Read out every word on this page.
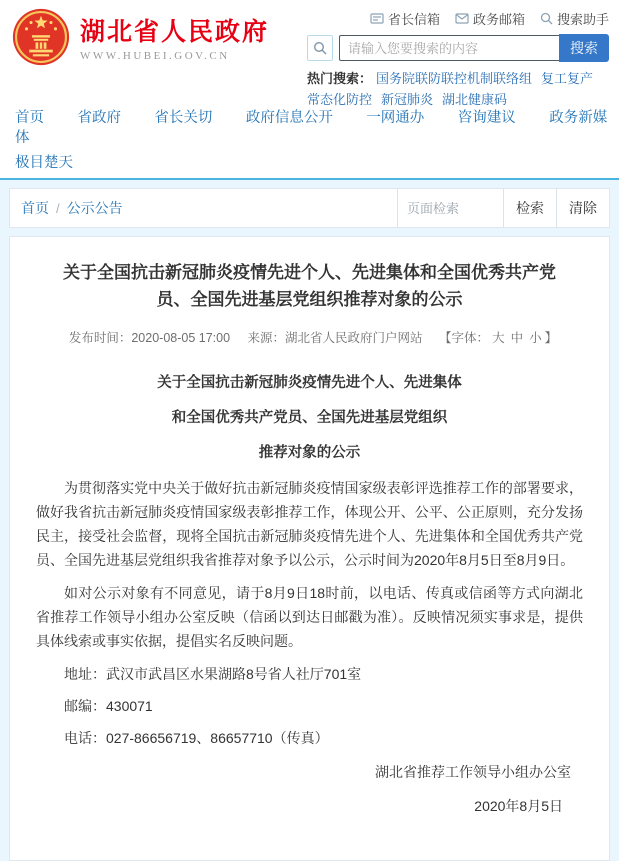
湖北省人民政府
WWW.HUBEI.GOV.CN
省长信箱	政务邮箱 搜索助手
请输入您要搜索的内容
搜索
热门搜索： 国务院联防联控机制联络组 复工复产常态化防控 新冠肺炎 湖北健康码
首页 省政府 省长关切 政府信息公开 一网通办 咨询建议 政务新媒体
极目楚天
首页 / 公示公告
页面检索	检索	清除
关于全国抗击新冠肺炎疫情先进个人、先进集体和全国优秀共产党员、全国先进基层党组织推荐对象的公示
发布时间：2020-08-05 17:00 来源：湖北省人民政府门户网站 【字体： 大 中 小 】

关于全国抗击新冠肺炎疫情先进个人、先进集体

和全国优秀共产党员、全国先进基层党组织

推荐对象的公示

为贯彻落实党中央关于做好抗击新冠肺炎疫情国家级表彰评选推荐工作的部署要求，做好我省抗击新冠肺炎疫情国家级表彰推荐工作，体现公开、公平、公正原则，充分发扬民主，接受社会监督，现将全国抗击新冠肺炎疫情先进个人、先进集体和全国优秀共产党员、全国先进基层党组织我省推荐对象予以公示，公示时间为2020年8月5日至8月9日。

如对公示对象有不同意见，请于8月9日18时前，以电话、传真或信函等方式向湖北省推荐工作领导小组办公室反映（信函以到达日邮戳为准）。反映情况须实事求是，提供具体线索或事实依据，提倡实名反映问题。

地址：武汉市武昌区水果湖路8号省人社厅701室

邮编：430071

电话：027-86656719、86657710（传真）

湖北省推荐工作领导小组办公室

2020年8月5日
